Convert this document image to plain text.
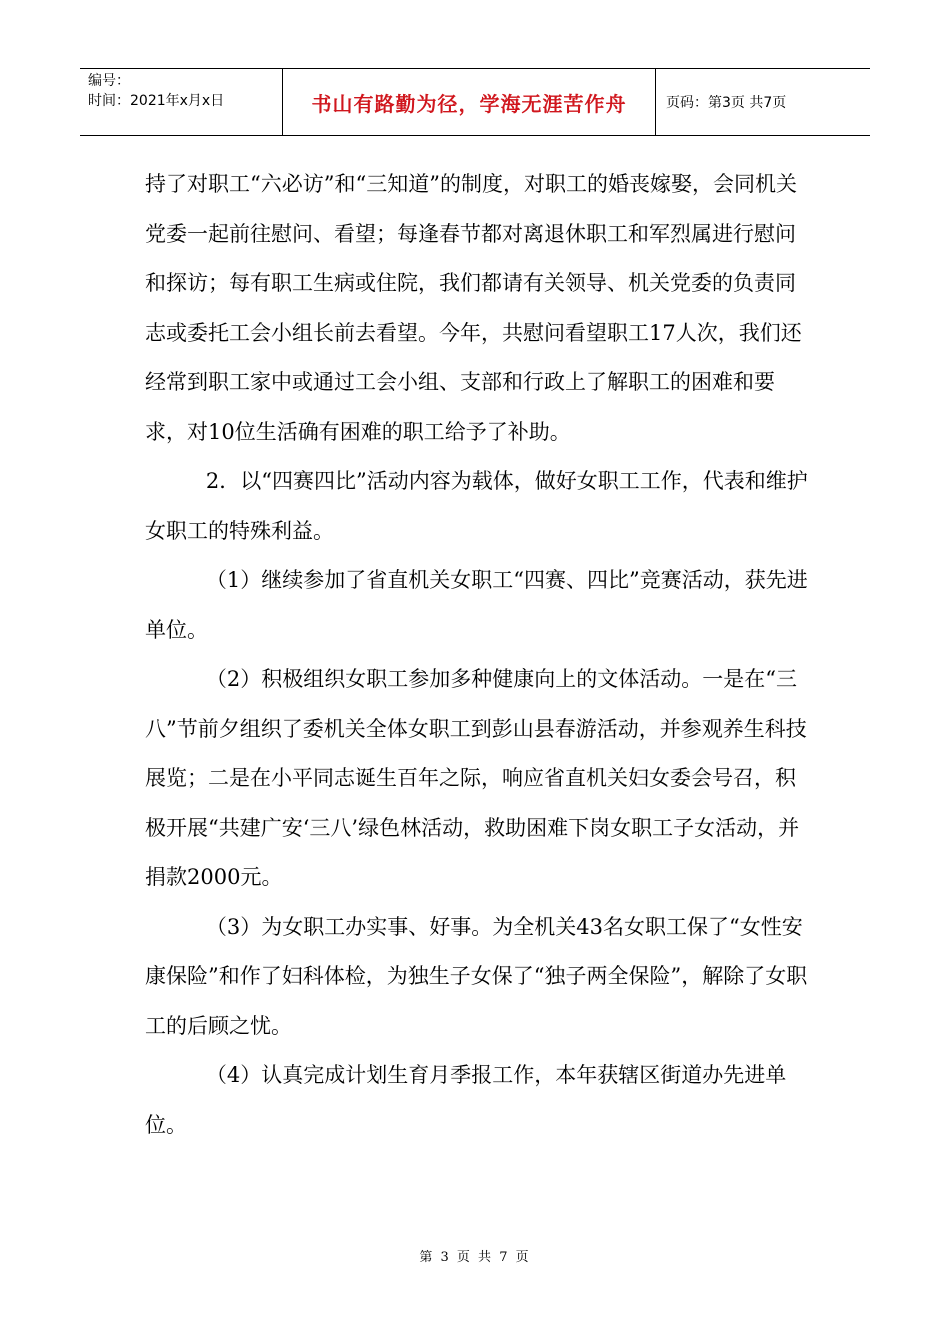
编号：
时间：2021年x月x日	书山有路勤为径，学海无涯苦作舟	页码：第3页 共7页

持了对职工“六必访”和“三知道”的制度，对职工的婚丧嫁娶，会同机关党委一起前往慰问、看望；每逢春节都对离退休职工和军烈属进行慰问和探访；每有职工生病或住院，我们都请有关领导、机关党委的负责同志或委托工会小组长前去看望。今年，共慰问看望职工17人次，我们还经常到职工家中或通过工会小组、支部和行政上了解职工的困难和要求，对10位生活确有困难的职工给予了补助。

2．以“四赛四比”活动内容为载体，做好女职工工作，代表和维护女职工的特殊利益。

（1）继续参加了省直机关女职工“四赛、四比”竞赛活动，获先进单位。

（2）积极组织女职工参加多种健康向上的文体活动。一是在“三八”节前夕组织了委机关全体女职工到彭山县春游活动，并参观养生科技展览；二是在小平同志诞生百年之际，响应省直机关妇女委会号召，积极开展“共建广安‘三八’绿色林活动，救助困难下岗女职工子女活动，并捐款2000元。

（3）为女职工办实事、好事。为全机关43名女职工保了“女性安康保险”和作了妇科体检，为独生子女保了“独子两全保险”，解除了女职工的后顾之忧。

（4）认真完成计划生育月季报工作，本年获辖区街道办先进单位。

第 3 页 共 7 页
